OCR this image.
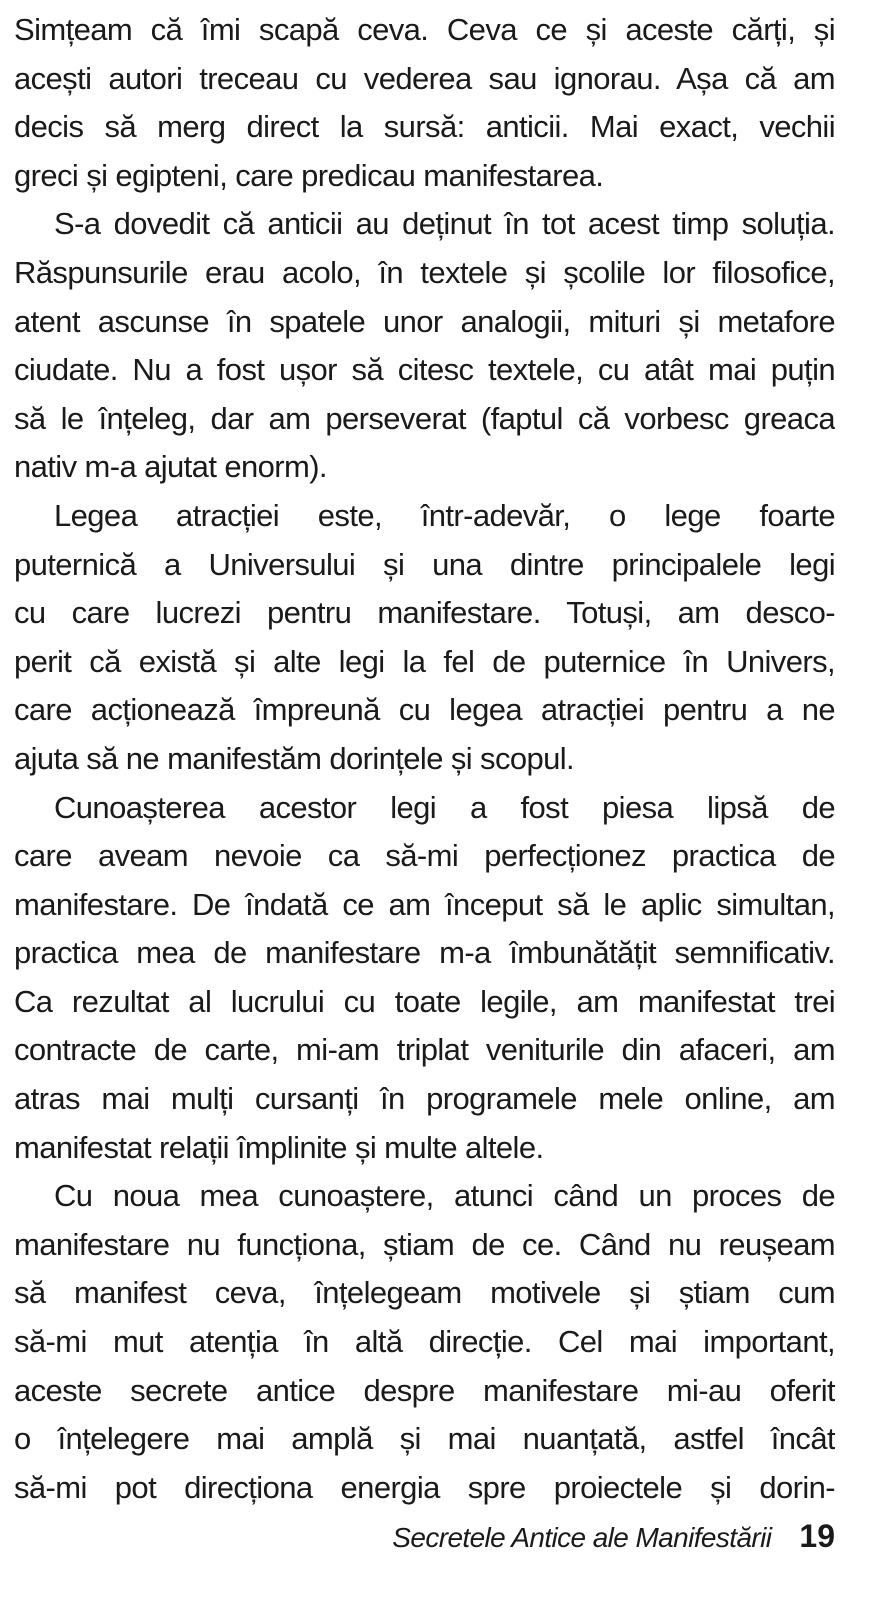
Simțeam că îmi scapă ceva. Ceva ce și aceste cărți, și
acești autori treceau cu vederea sau ignorau. Așa că am
decis să merg direct la sursă: anticii. Mai exact, vechii
greci și egipteni, care predicau manifestarea.
S-a dovedit că anticii au deținut în tot acest timp soluția.
Răspunsurile erau acolo, în textele și școlile lor filosofice,
atent ascunse în spatele unor analogii, mituri și metafore
ciudate. Nu a fost ușor să citesc textele, cu atât mai puțin
să le înțeleg, dar am perseverat (faptul că vorbesc greaca
nativ m-a ajutat enorm).
Legea atracției este, într-adevăr, o lege foarte
puternică a Universului și una dintre principalele legi
cu care lucrezi pentru manifestare. Totuși, am desco-
perit că există și alte legi la fel de puternice în Univers,
care acționează împreună cu legea atracției pentru a ne
ajuta să ne manifestăm dorințele și scopul.
Cunoașterea acestor legi a fost piesa lipsă de
care aveam nevoie ca să-mi perfecționez practica de
manifestare. De îndată ce am început să le aplic simultan,
practica mea de manifestare m-a îmbunătățit semnificativ.
Ca rezultat al lucrului cu toate legile, am manifestat trei
contracte de carte, mi-am triplat veniturile din afaceri, am
atras mai mulți cursanți în programele mele online, am
manifestat relații împlinite și multe altele.
Cu noua mea cunoaștere, atunci când un proces de
manifestare nu funcționa, știam de ce. Când nu reușeam
să manifest ceva, înțelegeam motivele și știam cum
să-mi mut atenția în altă direcție. Cel mai important,
aceste secrete antice despre manifestare mi-au oferit
o înțelegere mai amplă și mai nuanțată, astfel încât
să-mi pot direcționa energia spre proiectele și dorin-
Secretele Antice ale Manifestării 19
